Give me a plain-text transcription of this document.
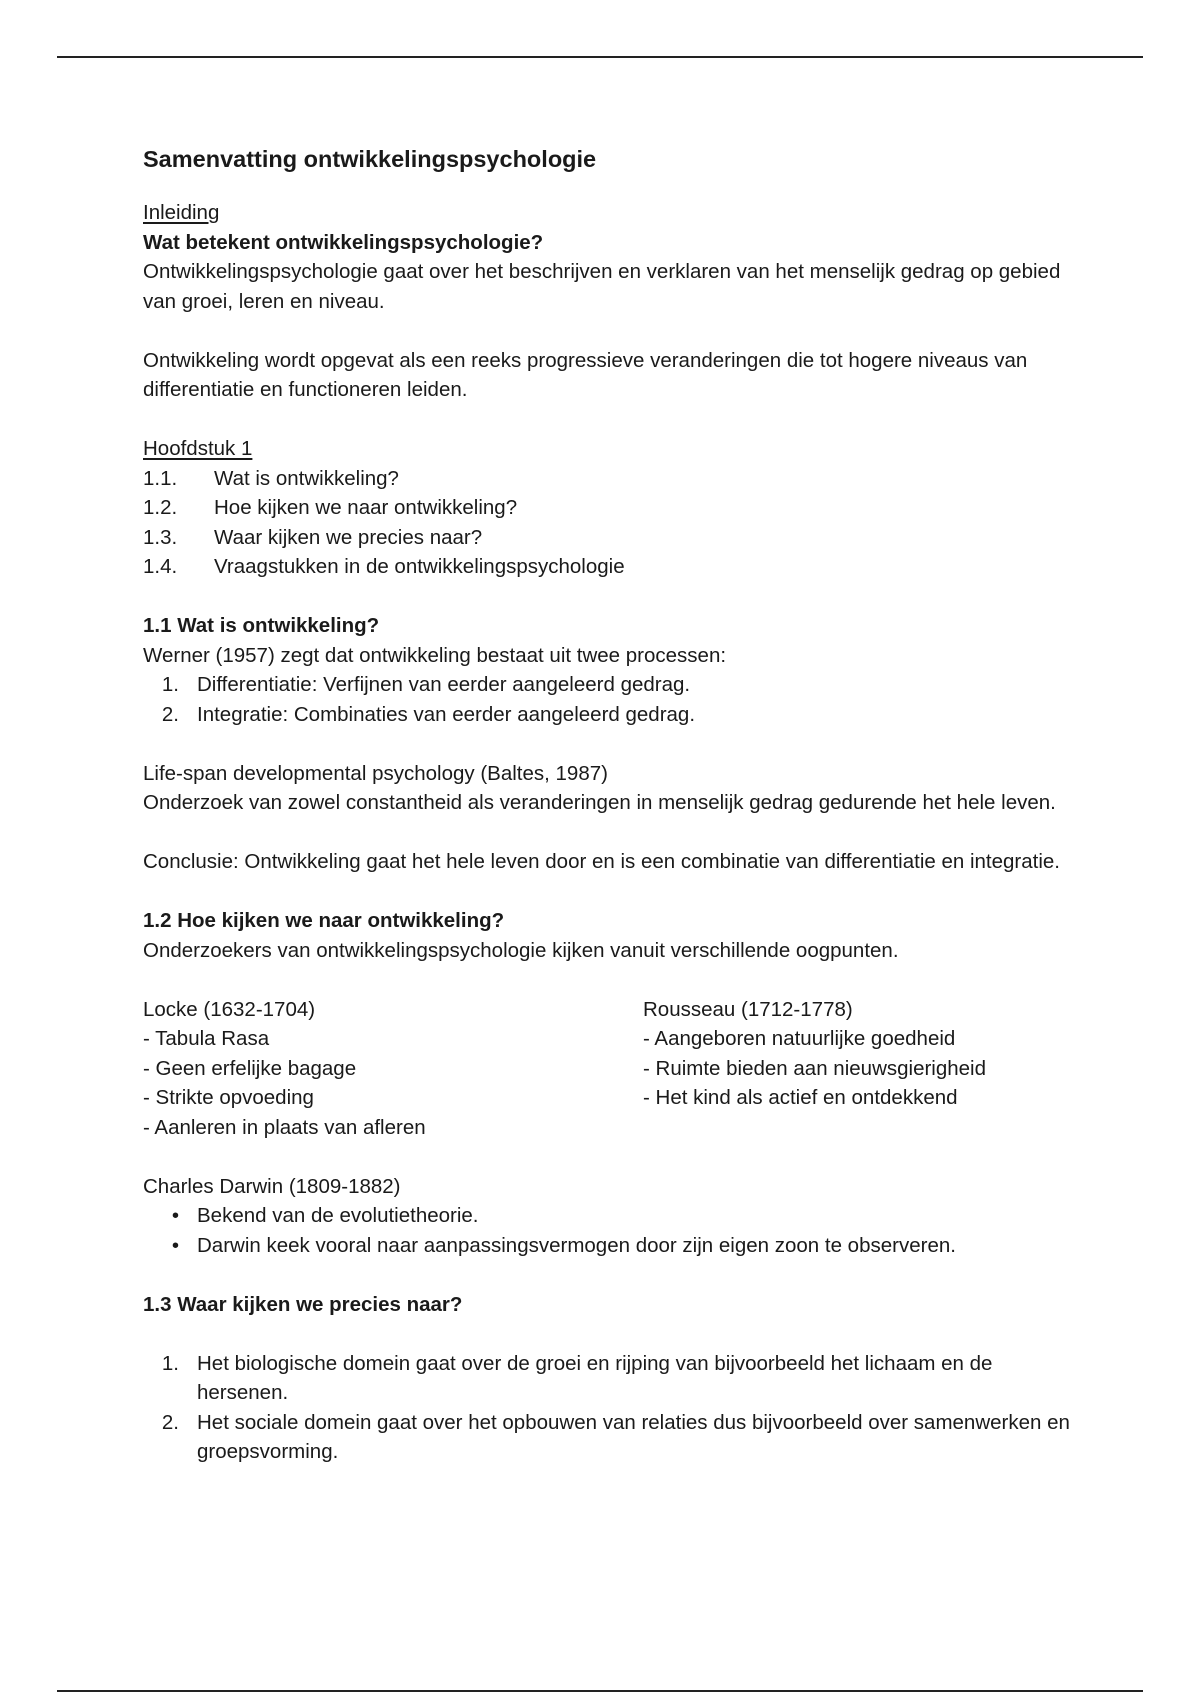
Samenvatting ontwikkelingspsychologie

Inleiding

Wat betekent ontwikkelingspsychologie?

Ontwikkelingspsychologie gaat over het beschrijven en verklaren van het menselijk gedrag op gebied van groei, leren en niveau.

Ontwikkeling wordt opgevat als een reeks progressieve veranderingen die tot hogere niveaus van differentiatie en functioneren leiden.

Hoofdstuk 1

1.1.	Wat is ontwikkeling?
1.2.	Hoe kijken we naar ontwikkeling?
1.3.	Waar kijken we precies naar?
1.4.	Vraagstukken in de ontwikkelingspsychologie

1.1 Wat is ontwikkeling?

Werner (1957) zegt dat ontwikkeling bestaat uit twee processen:

1. Differentiatie: Verfijnen van eerder aangeleerd gedrag.
2. Integratie: Combinaties van eerder aangeleerd gedrag.

Life-span developmental psychology (Baltes, 1987)

Onderzoek van zowel constantheid als veranderingen in menselijk gedrag gedurende het hele leven.

Conclusie: Ontwikkeling gaat het hele leven door en is een combinatie van differentiatie en integratie.

1.2 Hoe kijken we naar ontwikkeling?

Onderzoekers van ontwikkelingspsychologie kijken vanuit verschillende oogpunten.

Locke (1632-1704)

- Tabula Rasa

- Geen erfelijke bagage

- Strikte opvoeding

- Aanleren in plaats van afleren

Rousseau (1712-1778)

- Aangeboren natuurlijke goedheid

- Ruimte bieden aan nieuwsgierigheid

- Het kind als actief en ontdekkend

Charles Darwin (1809-1882)

• Bekend van de evolutietheorie.
• Darwin keek vooral naar aanpassingsvermogen door zijn eigen zoon te observeren.

1.3 Waar kijken we precies naar?

1. Het biologische domein gaat over de groei en rijping van bijvoorbeeld het lichaam en de hersenen.
2. Het sociale domein gaat over het opbouwen van relaties dus bijvoorbeeld over samenwerken en groepsvorming.
